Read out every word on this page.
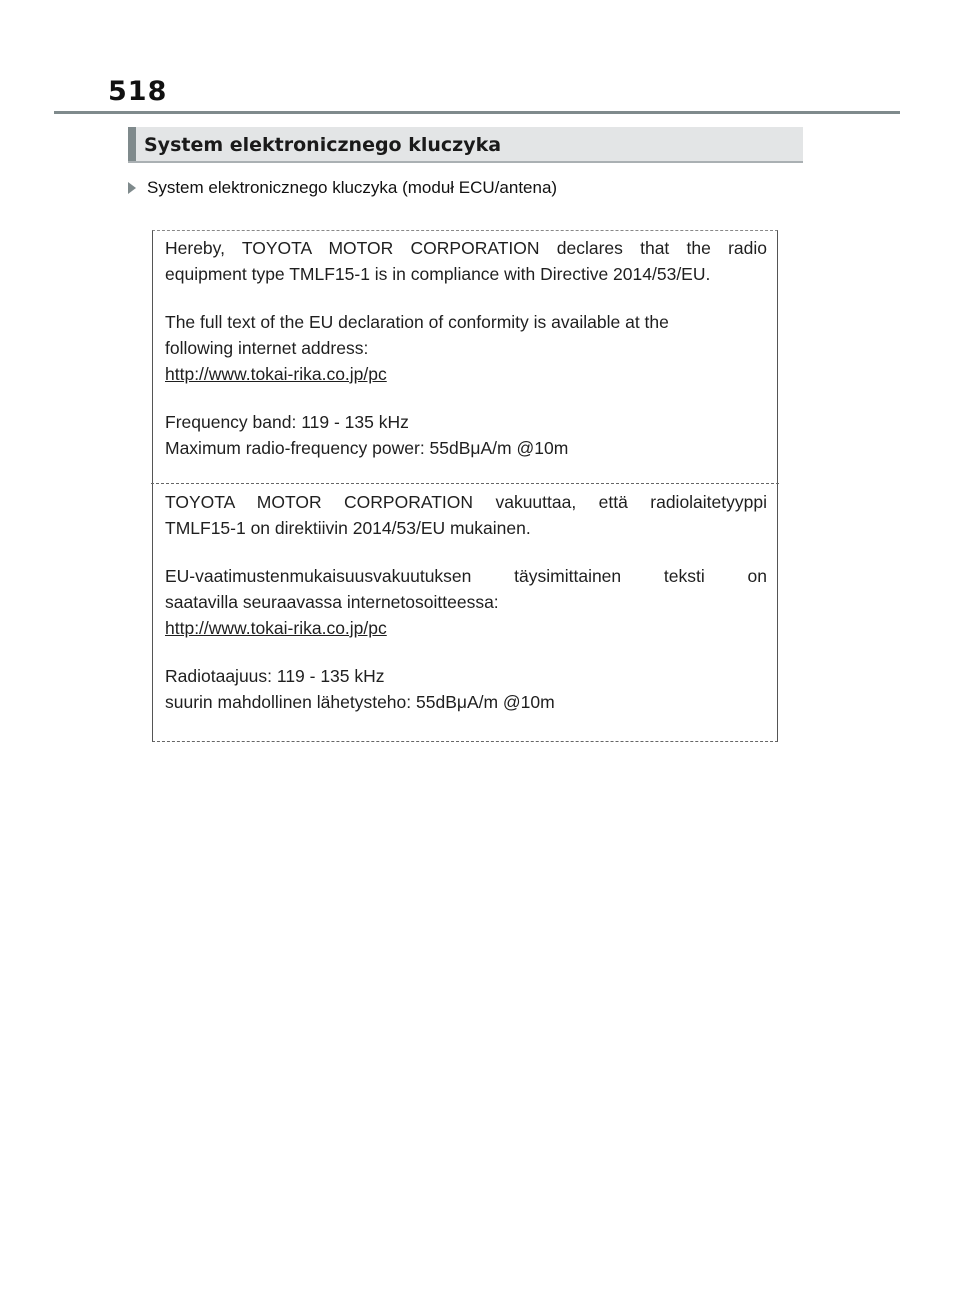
518
System elektronicznego kluczyka
System elektronicznego kluczyka (moduł ECU/antena)

Hereby, TOYOTA MOTOR CORPORATION declares that the radio

equipment type TMLF15-1 is in compliance with Directive 2014/53/EU.

The full text of the EU declaration of conformity is available at the

following internet address:

http://www.tokai-rika.co.jp/pc

Frequency band: 119 - 135 kHz

Maximum radio-frequency power: 55dBμA/m @10m

TOYOTA MOTOR CORPORATION vakuuttaa, että radiolaitetyyppi

TMLF15-1 on direktiivin 2014/53/EU mukainen.

EU-vaatimustenmukaisuusvakuutuksen täysimittainen teksti on

saatavilla seuraavassa internetosoitteessa:

http://www.tokai-rika.co.jp/pc

Radiotaajuus: 119 - 135 kHz

suurin mahdollinen lähetysteho: 55dBμA/m @10m
